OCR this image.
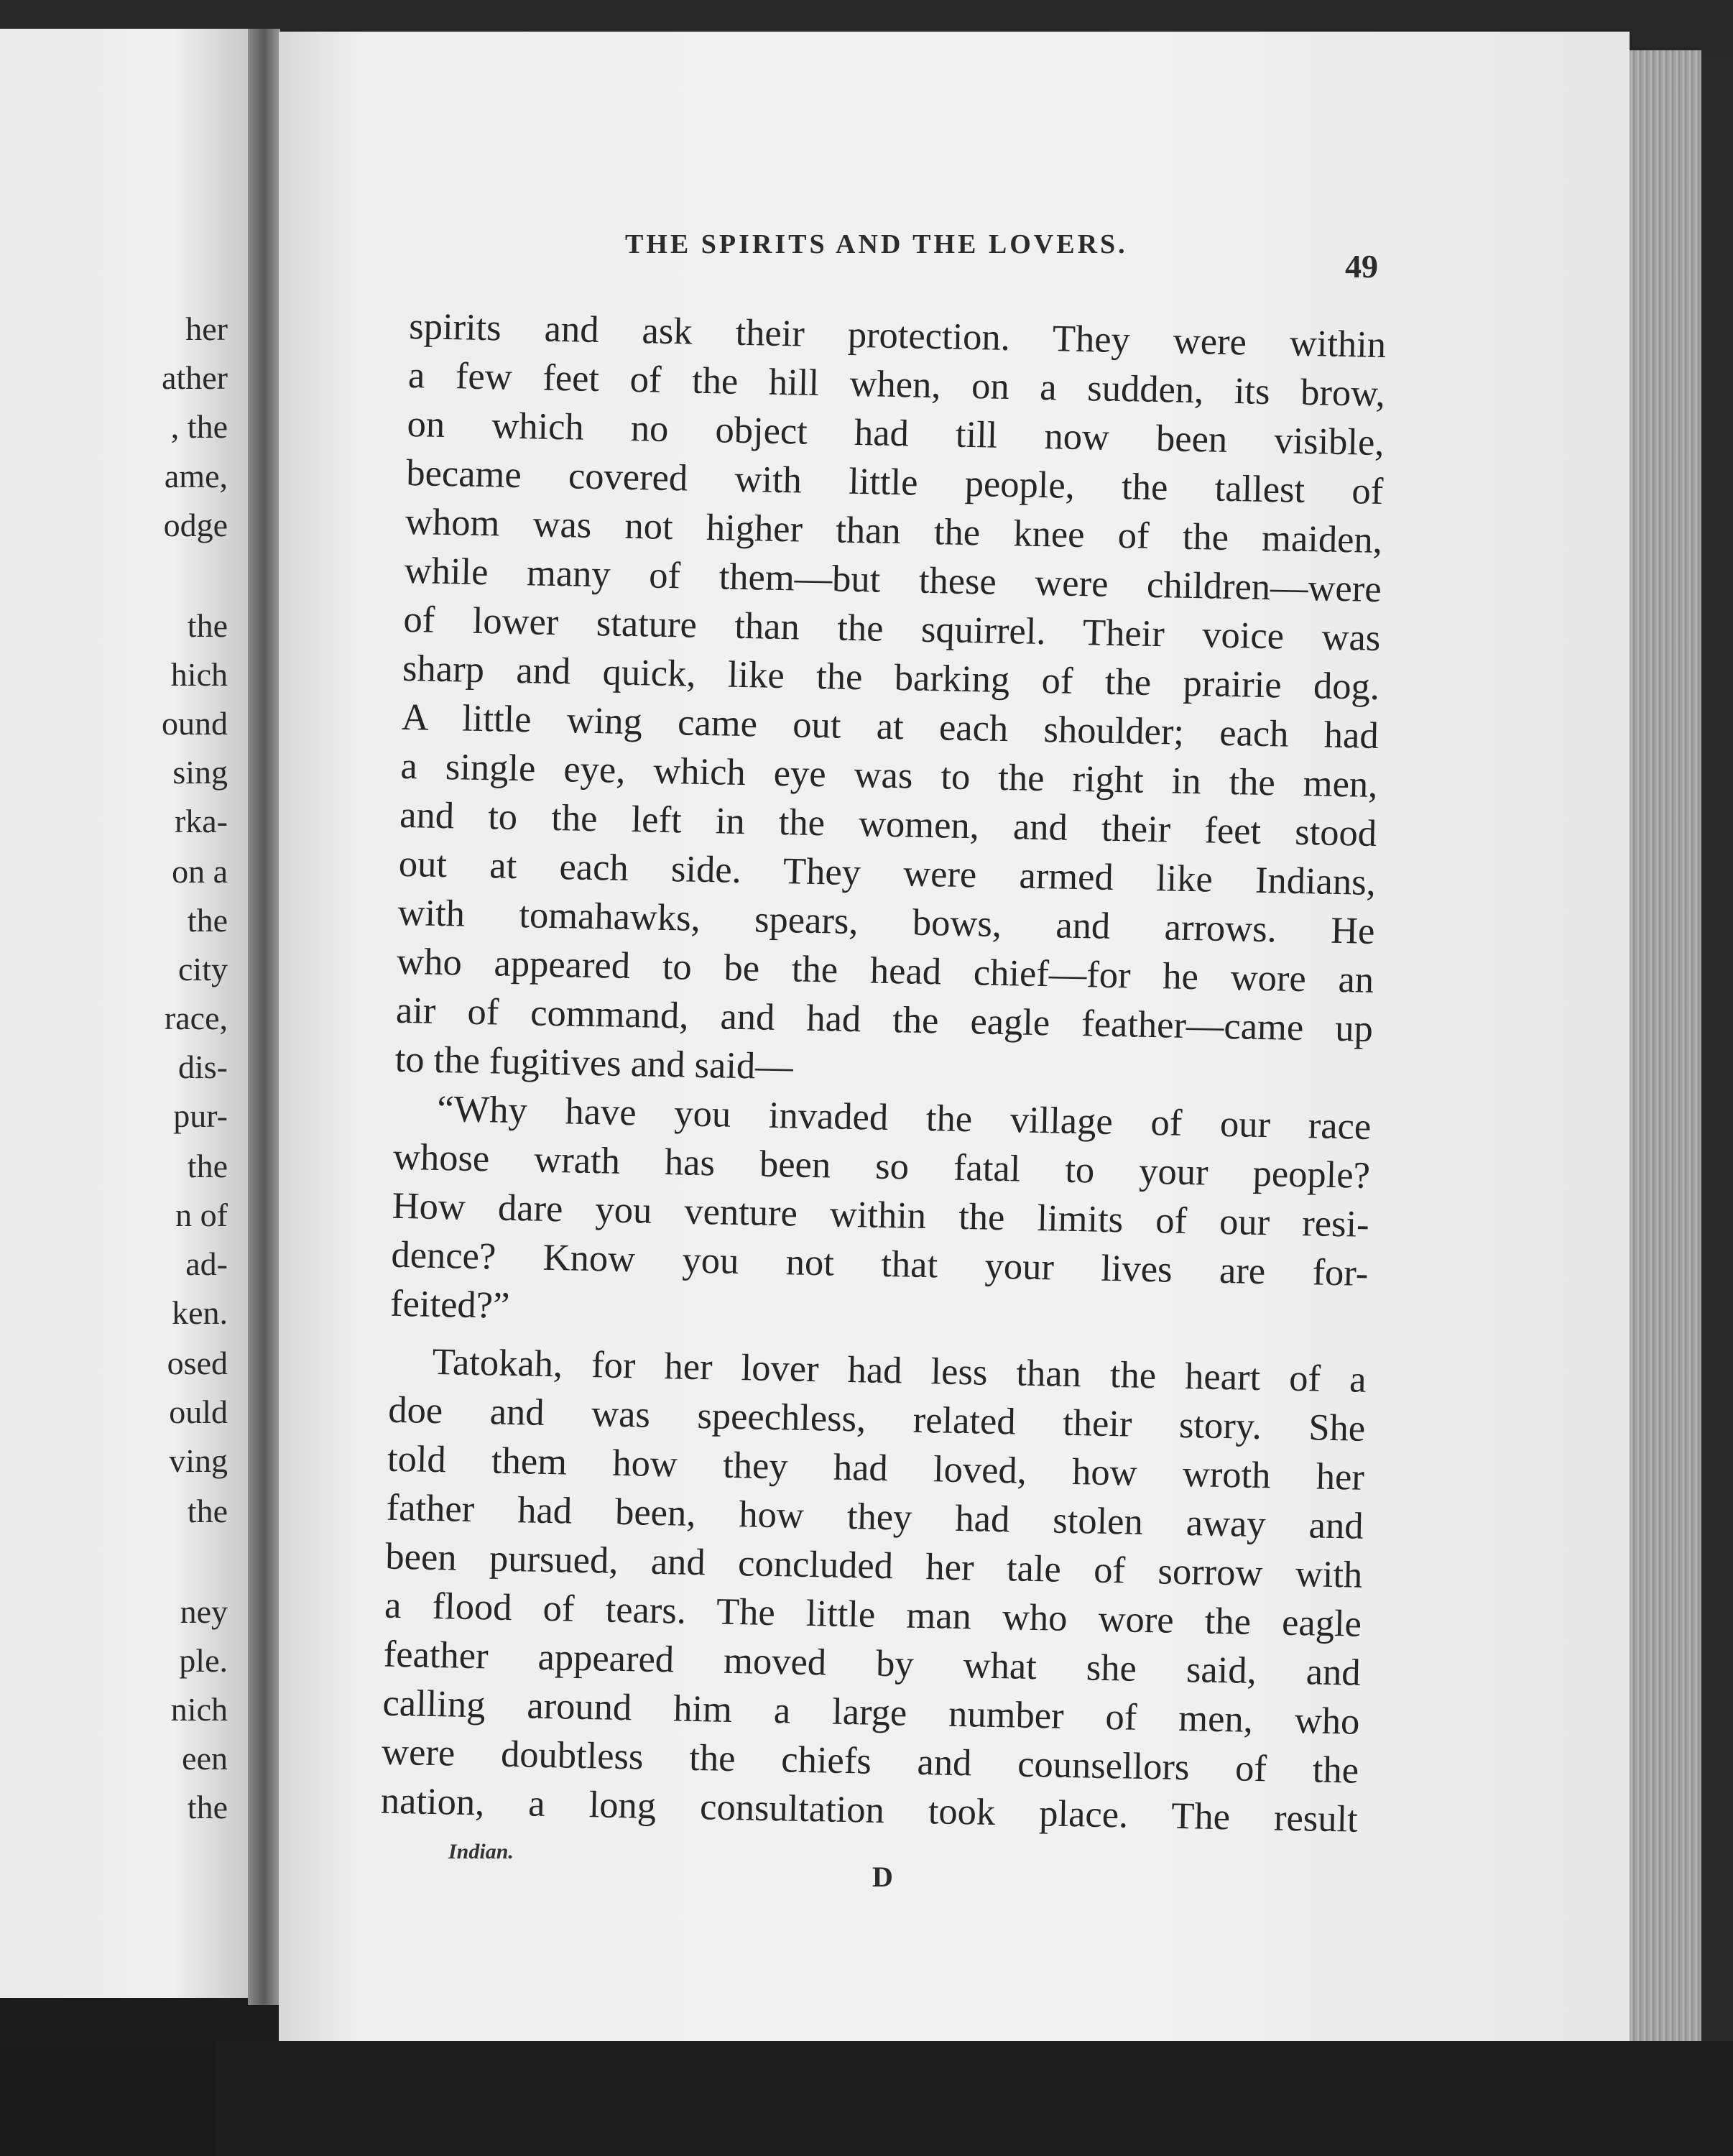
her
ather
, the
ame,
odge
the
hich
ound
sing
rka-
on a
the
city
race,
dis-
pur-
the
n of
ad-
ken.
osed
ould
ving
the
ney
ple.
nich
een
the
THE SPIRITS AND THE LOVERS.
49
spirits and ask their protection. They were within
a few feet of the hill when, on a sudden, its brow,
on which no object had till now been visible,
became covered with little people, the tallest of
whom was not higher than the knee of the maiden,
while many of them—but these were children—were
of lower stature than the squirrel. Their voice was
sharp and quick, like the barking of the prairie dog.
A little wing came out at each shoulder; each had
a single eye, which eye was to the right in the men,
and to the left in the women, and their feet stood
out at each side. They were armed like Indians,
with tomahawks, spears, bows, and arrows. He
who appeared to be the head chief—for he wore an
air of command, and had the eagle feather—came up
to the fugitives and said—
“Why have you invaded the village of our race
whose wrath has been so fatal to your people?
How dare you venture within the limits of our resi-
dence? Know you not that your lives are for-
feited?”
Tatokah, for her lover had less than the heart of a
doe and was speechless, related their story. She
told them how they had loved, how wroth her
father had been, how they had stolen away and
been pursued, and concluded her tale of sorrow with
a flood of tears. The little man who wore the eagle
feather appeared moved by what she said, and
calling around him a large number of men, who
were doubtless the chiefs and counsellors of the
nation, a long consultation took place. The result
Indian.
D
